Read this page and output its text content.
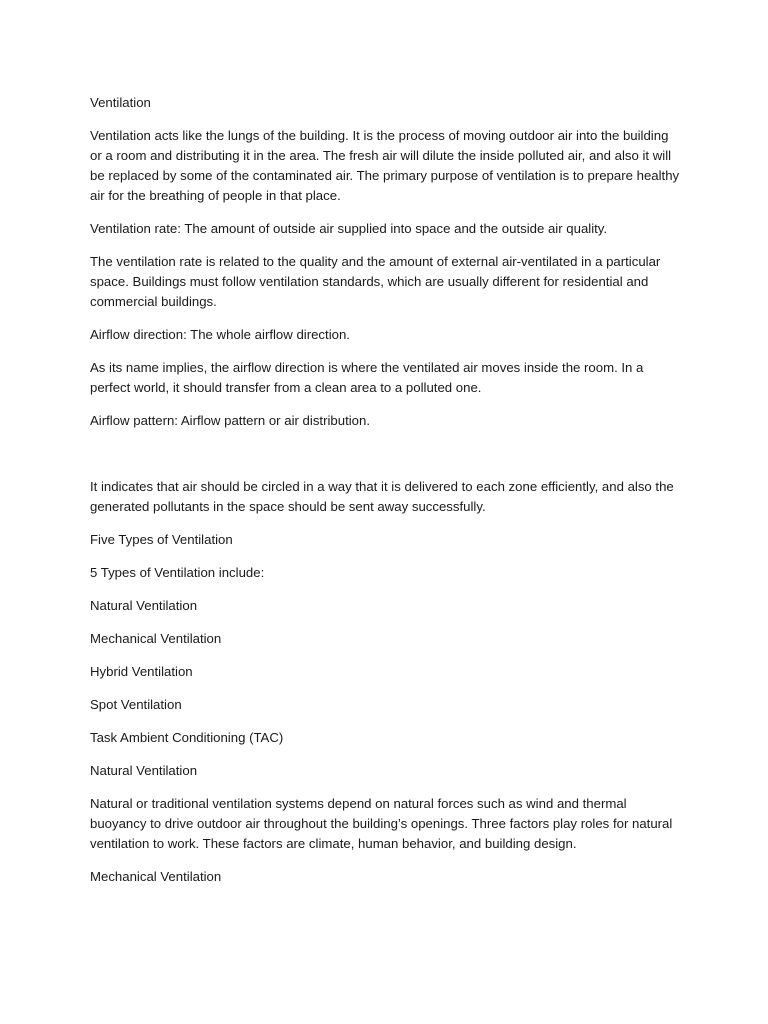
Ventilation

Ventilation acts like the lungs of the building. It is the process of moving outdoor air into the building or a room and distributing it in the area. The fresh air will dilute the inside polluted air, and also it will be replaced by some of the contaminated air. The primary purpose of ventilation is to prepare healthy air for the breathing of people in that place.

Ventilation rate: The amount of outside air supplied into space and the outside air quality.

The ventilation rate is related to the quality and the amount of external air-ventilated in a particular space. Buildings must follow ventilation standards, which are usually different for residential and commercial buildings.

Airflow direction: The whole airflow direction.

As its name implies, the airflow direction is where the ventilated air moves inside the room. In a perfect world, it should transfer from a clean area to a polluted one.

Airflow pattern: Airflow pattern or air distribution.

It indicates that air should be circled in a way that it is delivered to each zone efficiently, and also the generated pollutants in the space should be sent away successfully.

Five Types of Ventilation

5 Types of Ventilation include:

Natural Ventilation

Mechanical Ventilation

Hybrid Ventilation

Spot Ventilation

Task Ambient Conditioning (TAC)

Natural Ventilation

Natural or traditional ventilation systems depend on natural forces such as wind and thermal buoyancy to drive outdoor air throughout the building’s openings. Three factors play roles for natural ventilation to work. These factors are climate, human behavior, and building design.

Mechanical Ventilation
